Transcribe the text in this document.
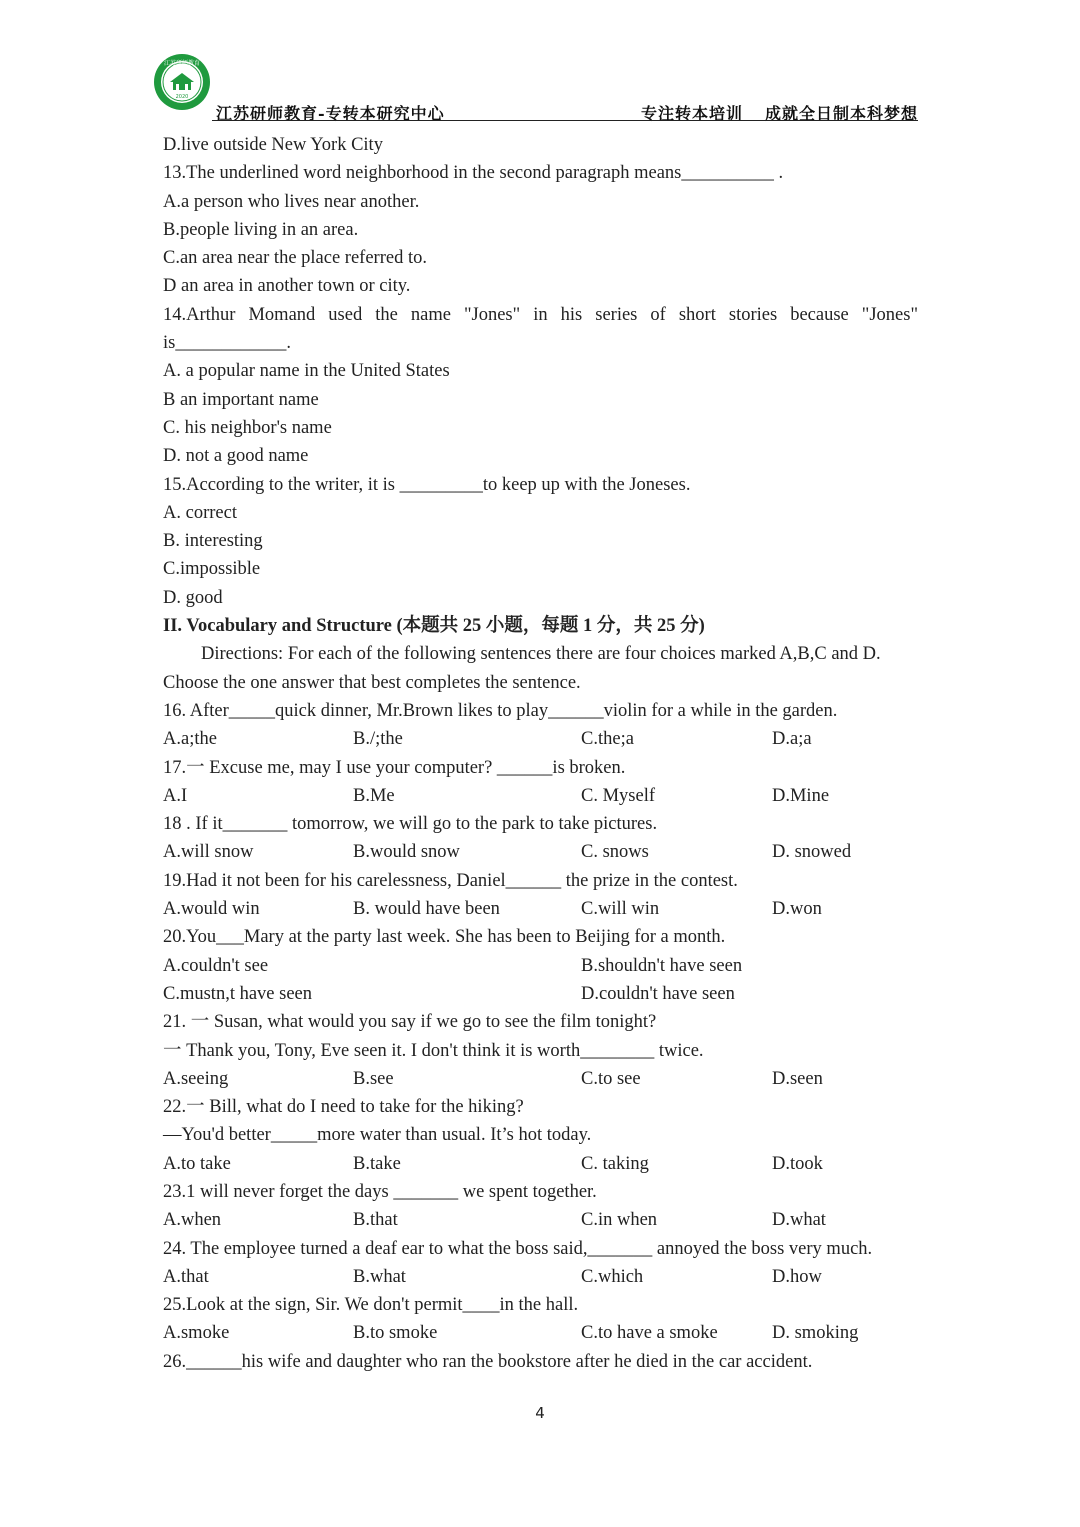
江苏研师教育
2020
江苏研师教育-专转本研究中心	专注转本培训 成就全日制本科梦想
D.live outside New York City
13.The underlined word neighborhood in the second paragraph means__________ .
A.a person who lives near another.
B.people living in an area.
C.an area near the place referred to.
D an area in another town or city.
14.Arthur Momand used the name "Jones" in his series of short stories because "Jones"
is____________.
A. a popular name in the United States
B an important name
C. his neighbor's name
D. not a good name
15.According to the writer, it is _________to keep up with the Joneses.
A. correct
B. interesting
C.impossible
D. good
II. Vocabulary and Structure (本题共 25 小题，每题 1 分，共 25 分)
Directions: For each of the following sentences there are four choices marked A,B,C and D.
Choose the one answer that best completes the sentence.
16. After_____quick dinner, Mr.Brown likes to play______violin for a while in the garden.
A.a;the	B./;the	C.the;a	D.a;a
17.一 Excuse me, may I use your computer? ______is broken.
A.I	B.Me	C. Myself	D.Mine
18 . If it_______ tomorrow, we will go to the park to take pictures.
A.will snow	B.would snow	C. snows	D. snowed
19.Had it not been for his carelessness, Daniel______ the prize in the contest.
A.would win	B. would have been	C.will win	D.won
20.You___Mary at the party last week. She has been to Beijing for a month.
A.couldn't see	B.shouldn't have seen
C.mustn,t have seen	D.couldn't have seen
21. 一 Susan, what would you say if we go to see the film tonight?
一 Thank you, Tony, Eve seen it. I don't think it is worth________ twice.
A.seeing	B.see	C.to see	D.seen
22.一 Bill, what do I need to take for the hiking?
—You'd better_____more water than usual. It’s hot today.
A.to take	B.take	C. taking	D.took
23.1 will never forget the days _______ we spent together.
A.when	B.that	C.in when	D.what
24. The employee turned a deaf ear to what the boss said,_______ annoyed the boss very much.
A.that	B.what	C.which	D.how
25.Look at the sign, Sir. We don't permit____in the hall.
A.smoke	B.to smoke	C.to have a smoke	D. smoking
26.______his wife and daughter who ran the bookstore after he died in the car accident.
4
